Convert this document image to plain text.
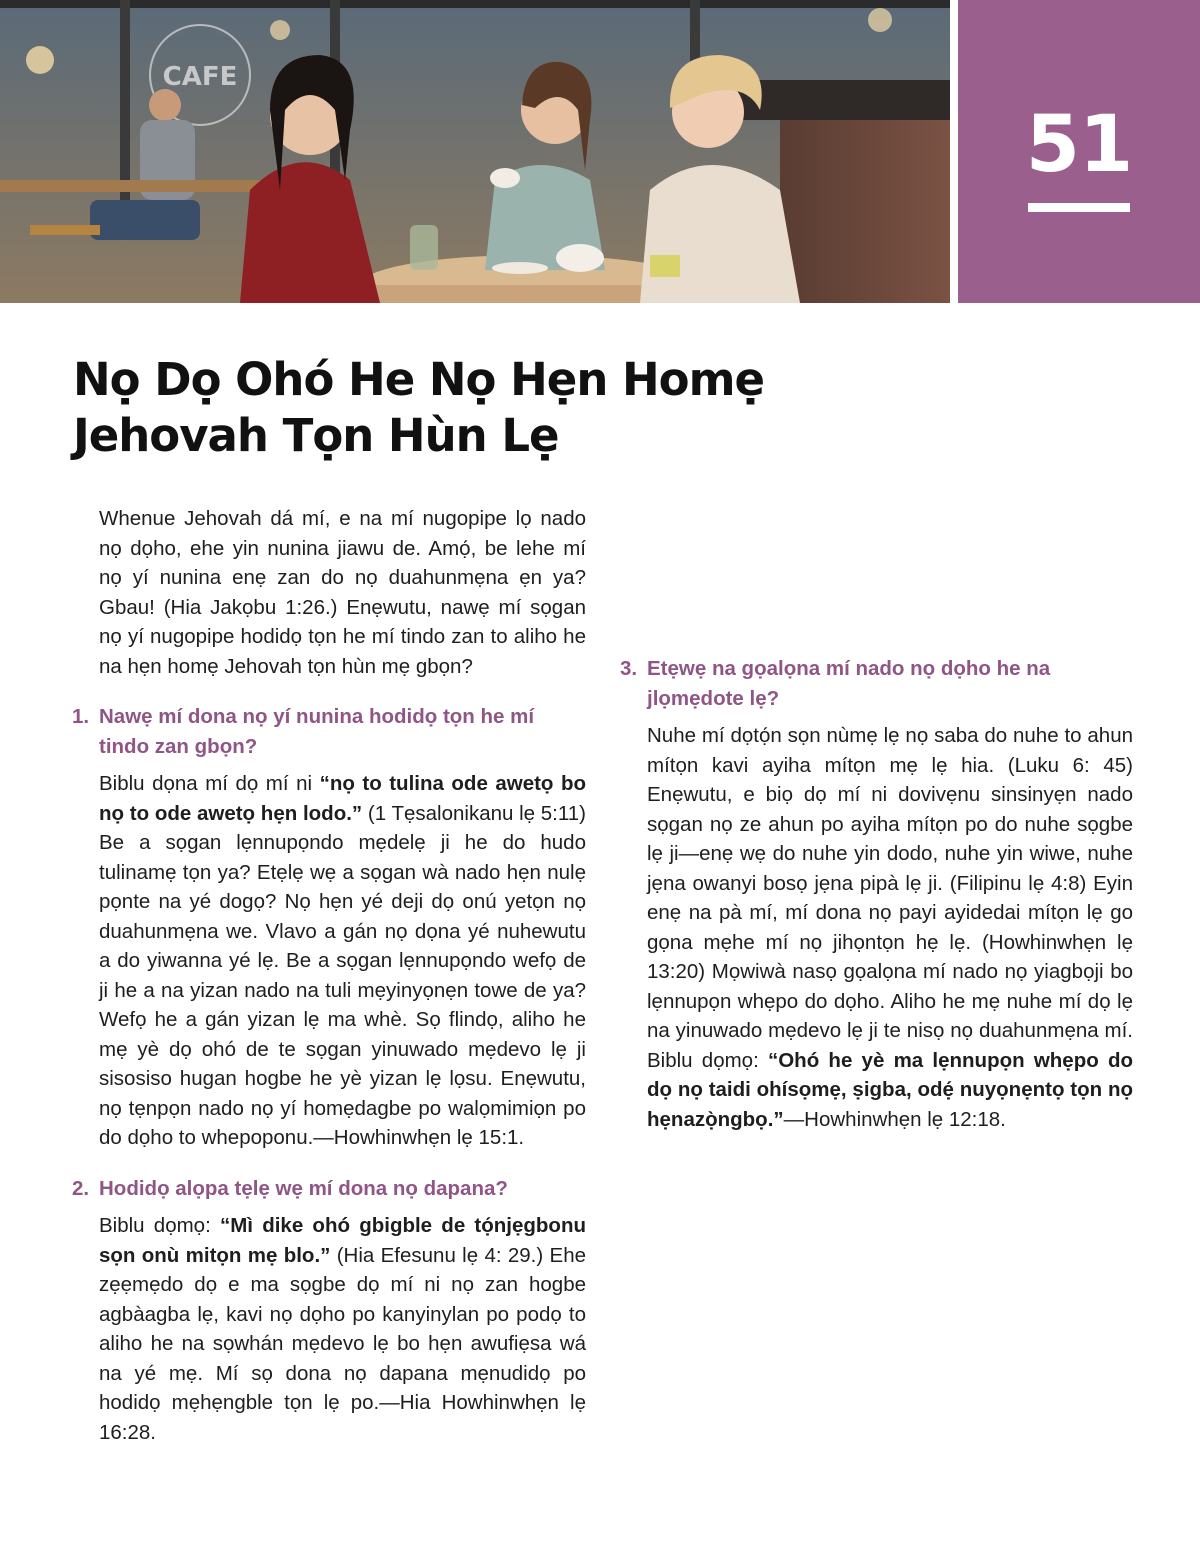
CAFE
51
Nọ Dọ Ohó He Nọ Hẹn Homẹ
Jehovah Tọn Hùn Lẹ

Whenue Jehovah dá mí, e na mí nugopipe lọ nado nọ dọho, ehe yin nunina jiawu de. Amọ́, be lehe mí nọ yí nunina enẹ zan do nọ duahunmẹna ẹn ya? Gbau! (Hia Jakọbu 1:26.) Enẹwutu, nawẹ mí sọgan nọ yí nugopipe hodidọ tọn he mí tindo zan to aliho he na hẹn homẹ Jehovah tọn hùn mẹ gbọn?

1. Nawẹ mí dona nọ yí nunina hodidọ tọn he mí tindo zan gbọn?

Biblu dọna mí dọ mí ni “nọ to tulina ode awetọ bo nọ to ode awetọ hẹn lodo.” (1 Tẹsalonikanu lẹ 5:11) Be a sọgan lẹnnupọndo mẹdelẹ ji he do hudo tulinamẹ tọn ya? Etẹlẹ wẹ a sọgan wà nado hẹn nulẹ pọnte na yé dogọ? Nọ hẹn yé deji dọ onú yetọn nọ duahunmẹna we. Vlavo a gán nọ dọna yé nuhewutu a do yiwanna yé lẹ. Be a sọgan lẹnnupọndo wefọ de ji he a na yizan nado na tuli mẹyinyọnẹn towe de ya? Wefọ he a gán yizan lẹ ma whè. Sọ flindọ, aliho he mẹ yè dọ ohó de te sọgan yinuwado mẹdevo lẹ ji sisosiso hugan hogbe he yè yizan lẹ lọsu. Enẹwutu, nọ tẹnpọn nado nọ yí homẹdagbe po walọmimiọn po do dọho to whepoponu.—Howhinwhẹn lẹ 15:1.

2. Hodidọ alọpa tẹlẹ wẹ mí dona nọ dapana?

Biblu dọmọ: “Mì dike ohó gbigble de tọ́njẹgbonu sọn onù mitọn mẹ blo.” (Hia Efesunu lẹ 4: 29.) Ehe zẹẹmẹdo dọ e ma sọgbe dọ mí ni nọ zan hogbe agbàagba lẹ, kavi nọ dọho po kanyinylan po podọ to aliho he na sọwhán mẹdevo lẹ bo hẹn awufiẹsa wá na yé mẹ. Mí sọ dona nọ dapana mẹnudidọ po hodidọ mẹhẹngble tọn lẹ po.—Hia Howhinwhẹn lẹ 16:28.

3. Etẹwẹ na gọalọna mí nado nọ dọho he na jlọmẹdote lẹ?

Nuhe mí dọtọ́n sọn nùmẹ lẹ nọ saba do nuhe to ahun mítọn kavi ayiha mítọn mẹ lẹ hia. (Luku 6: 45) Enẹwutu, e biọ dọ mí ni dovivẹnu sinsinyẹn nado sọgan nọ ze ahun po ayiha mítọn po do nuhe sọgbe lẹ ji—enẹ wẹ do nuhe yin dodo, nuhe yin wiwe, nuhe jẹna owanyi bosọ jẹna pipà lẹ ji. (Filipinu lẹ 4:8) Eyin enẹ na pà mí, mí dona nọ payi ayidedai mítọn lẹ go gọna mẹhe mí nọ jihọntọn hẹ lẹ. (Howhinwhẹn lẹ 13:20) Mọwiwà nasọ gọalọna mí nado nọ yiagbọji bo lẹnnupọn whẹpo do dọho. Aliho he mẹ nuhe mí dọ lẹ na yinuwado mẹdevo lẹ ji te nisọ nọ duahunmẹna mí. Biblu dọmọ: “Ohó he yè ma lẹnnupọn whẹpo do dọ nọ taidi ohísọmẹ, ṣigba, odẹ́ nuyọnẹntọ tọn nọ hẹnazọ̀ngbọ.”—Howhinwhẹn lẹ 12:18.
